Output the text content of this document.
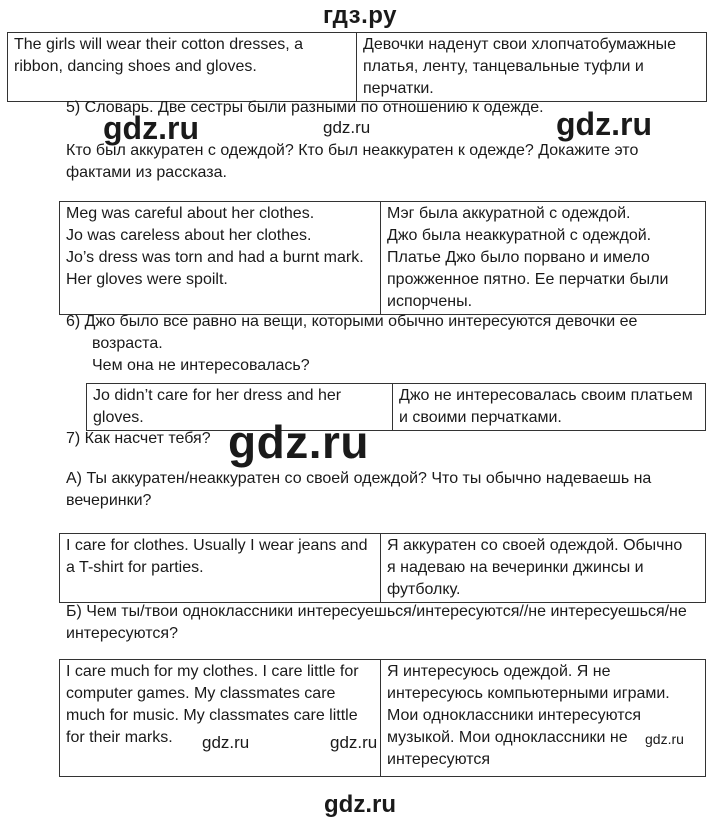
гдз.ру
The girls will wear their cotton dresses, a
ribbon, dancing shoes and gloves.

Девочки наденут свои хлопчатобумажные
платья, ленту, танцевальные туфли и
перчатки.
5) Словарь. Две сестры были разными по отношению к одежде.
Кто был аккуратен с одеждой? Кто был неаккуратен к одежде? Докажите это
фактами из рассказа.
Meg was careful about her clothes.
Jo was careless about her clothes.
Jo’s dress was torn and had a burnt mark.
Her gloves were spoilt.

Мэг была аккуратной с одеждой.
Джо была неаккуратной с одеждой.
Платье Джо было порвано и имело
прожженное пятно. Ее перчатки были
испорчены.
6) Джо было все равно на вещи, которыми обычно интересуются девочки ее
возраста.
Чем она не интересовалась?
Jo didn’t care for her dress and her
gloves.

Джо не интересовалась своим платьем
и своими перчатками.
7) Как насчет тебя?
А) Ты аккуратен/неаккуратен со своей одеждой? Что ты обычно надеваешь на
вечеринки?
I care for clothes. Usually I wear jeans and
a T-shirt for parties.

Я аккуратен со своей одеждой. Обычно
я надеваю на вечеринки джинсы и
футболку.
Б) Чем ты/твои одноклассники интересуешься/интересуются//не интересуешься/не
интересуются?
I care much for my clothes. I care little for
computer games. My classmates care
much for music. My classmates care little
for their marks.

Я интересуюсь одеждой. Я не
интересуюсь компьютерными играми.
Мои одноклассники интересуются
музыкой. Мои одноклассники не
интересуются
gdz.ru	gdz.ru	gdz.ru
gdz.ru
gdz.ru	gdz.ru	gdz.ru
gdz.ru
